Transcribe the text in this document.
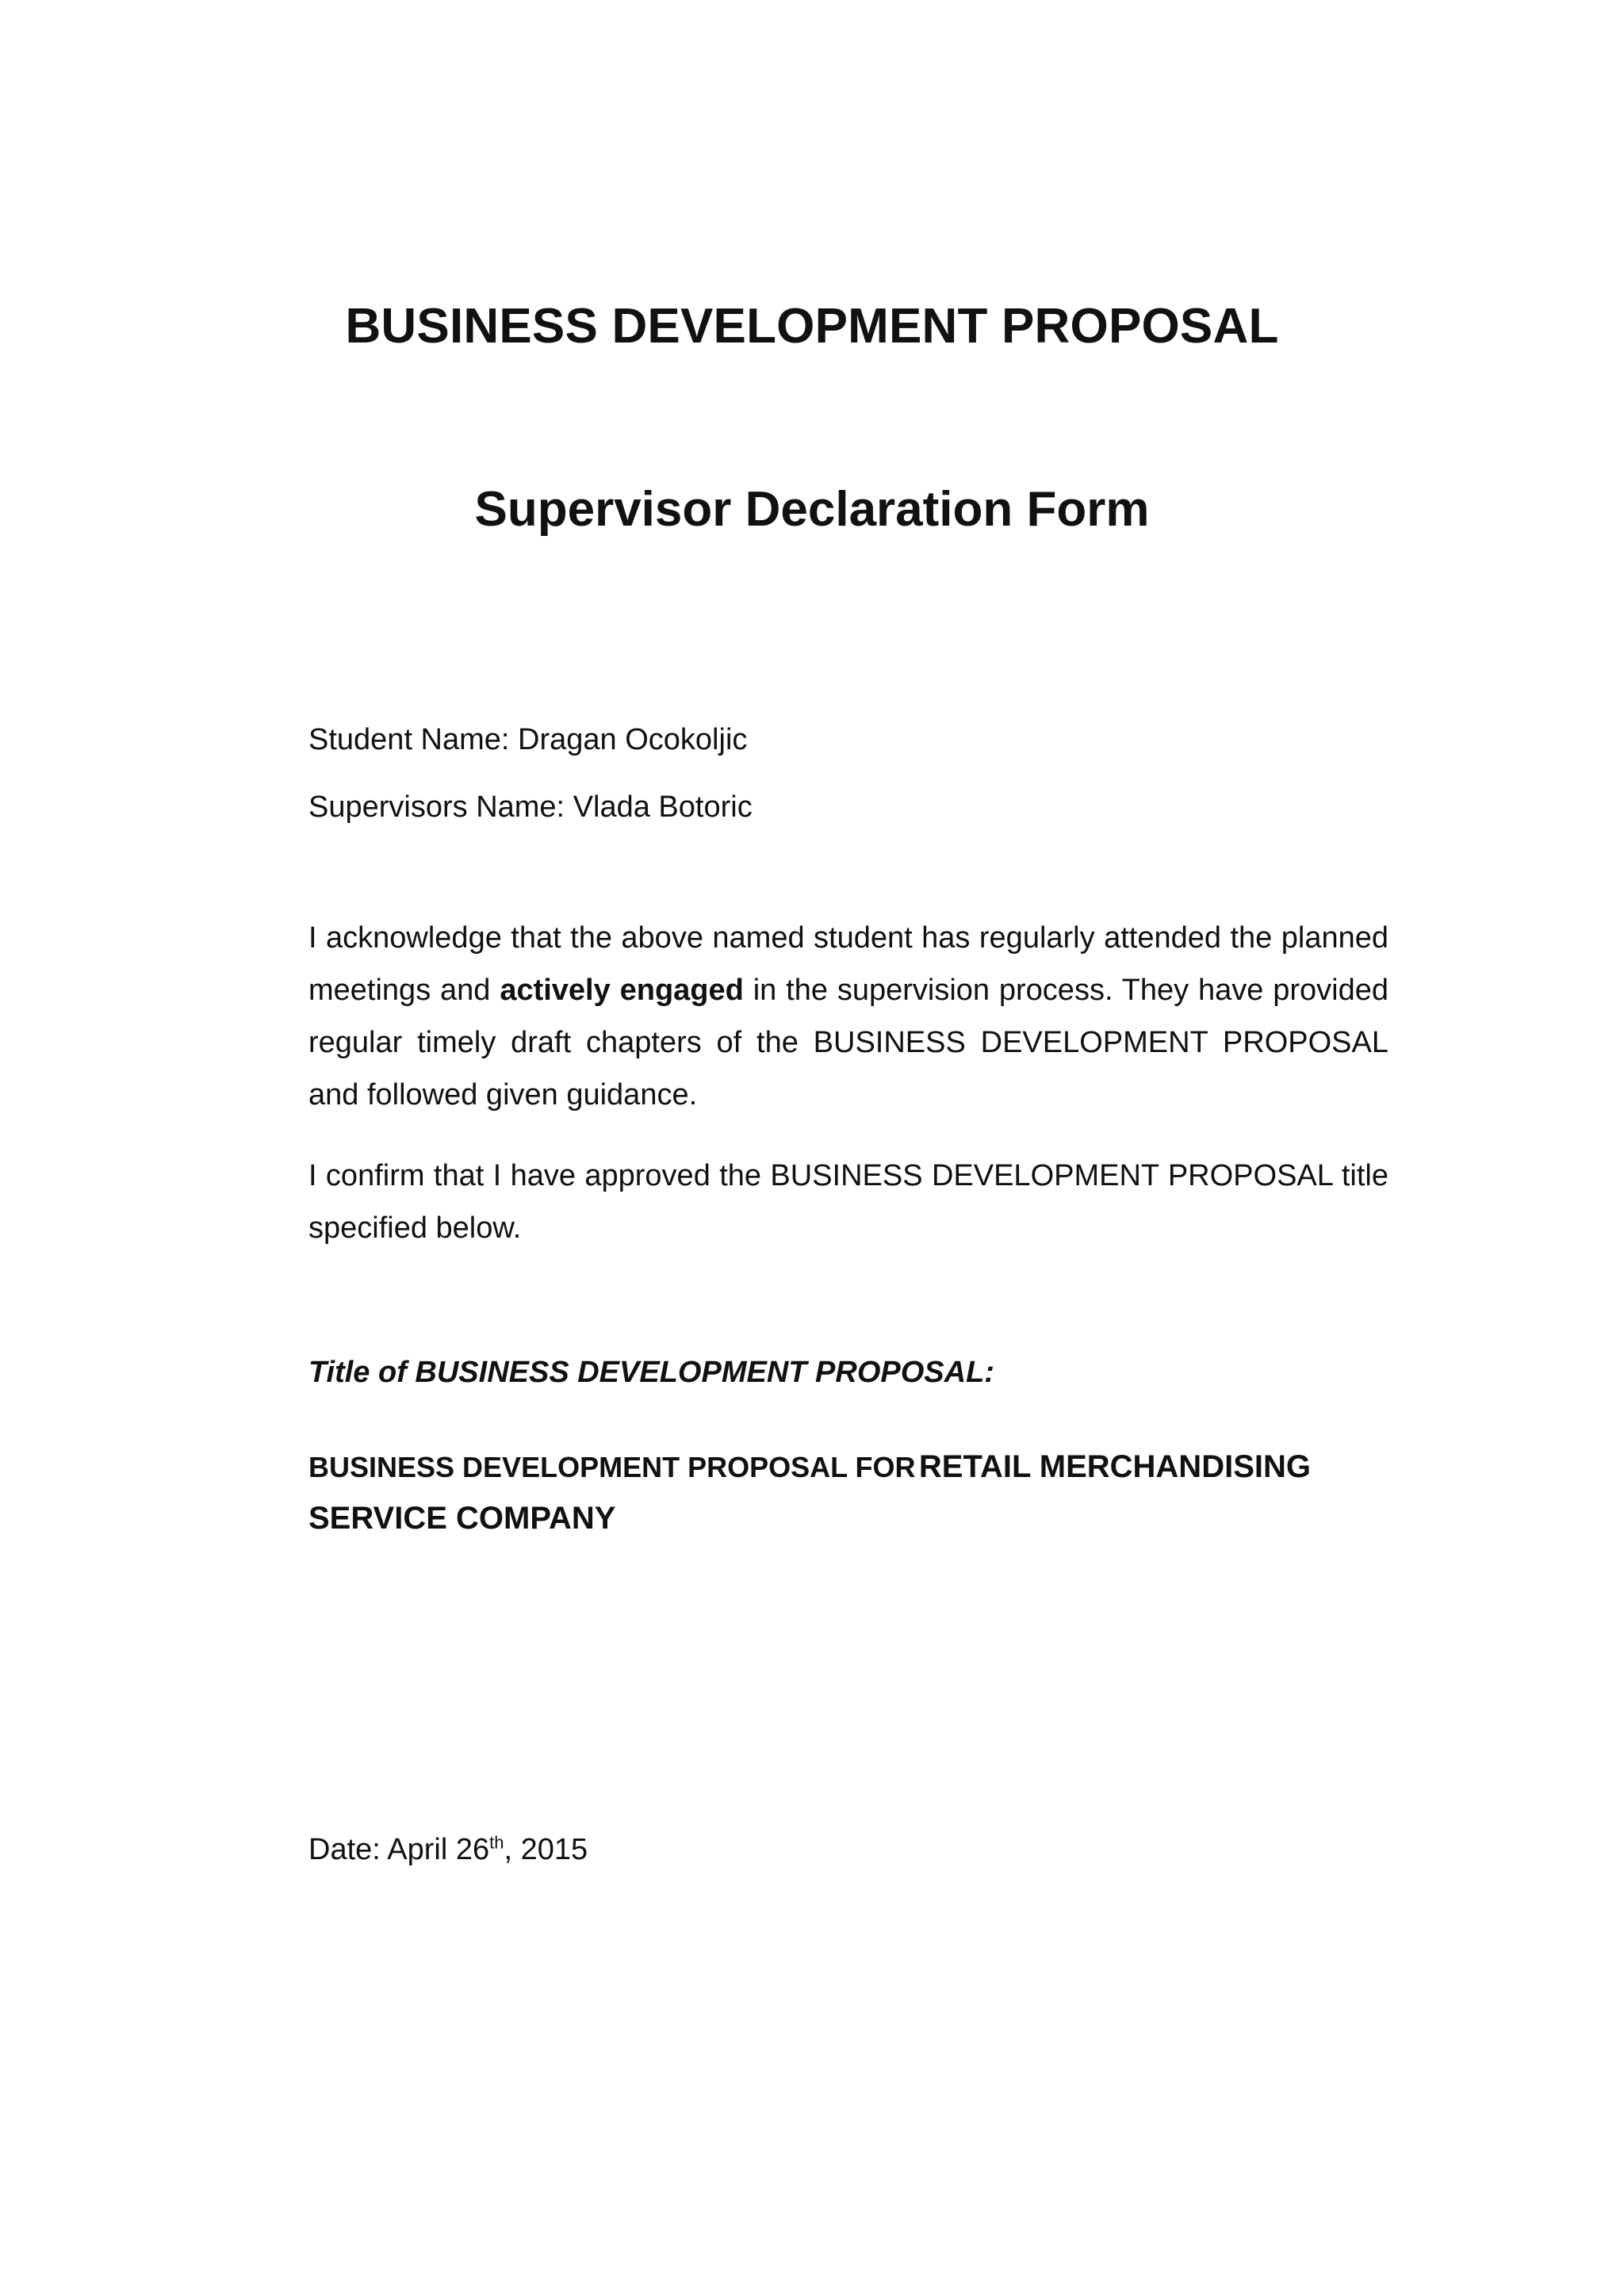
BUSINESS DEVELOPMENT PROPOSAL
Supervisor Declaration Form

Student Name: Dragan Ocokoljic

Supervisors Name: Vlada Botoric

I acknowledge that the above named student has regularly attended the planned meetings and actively engaged in the supervision process. They have provided regular timely draft chapters of the BUSINESS DEVELOPMENT PROPOSAL and followed given guidance.

I confirm that I have approved the BUSINESS DEVELOPMENT PROPOSAL title specified below.

Title of BUSINESS DEVELOPMENT PROPOSAL:

BUSINESS DEVELOPMENT PROPOSAL FOR RETAIL MERCHANDISING SERVICE COMPANY

Date: April 26th, 2015
